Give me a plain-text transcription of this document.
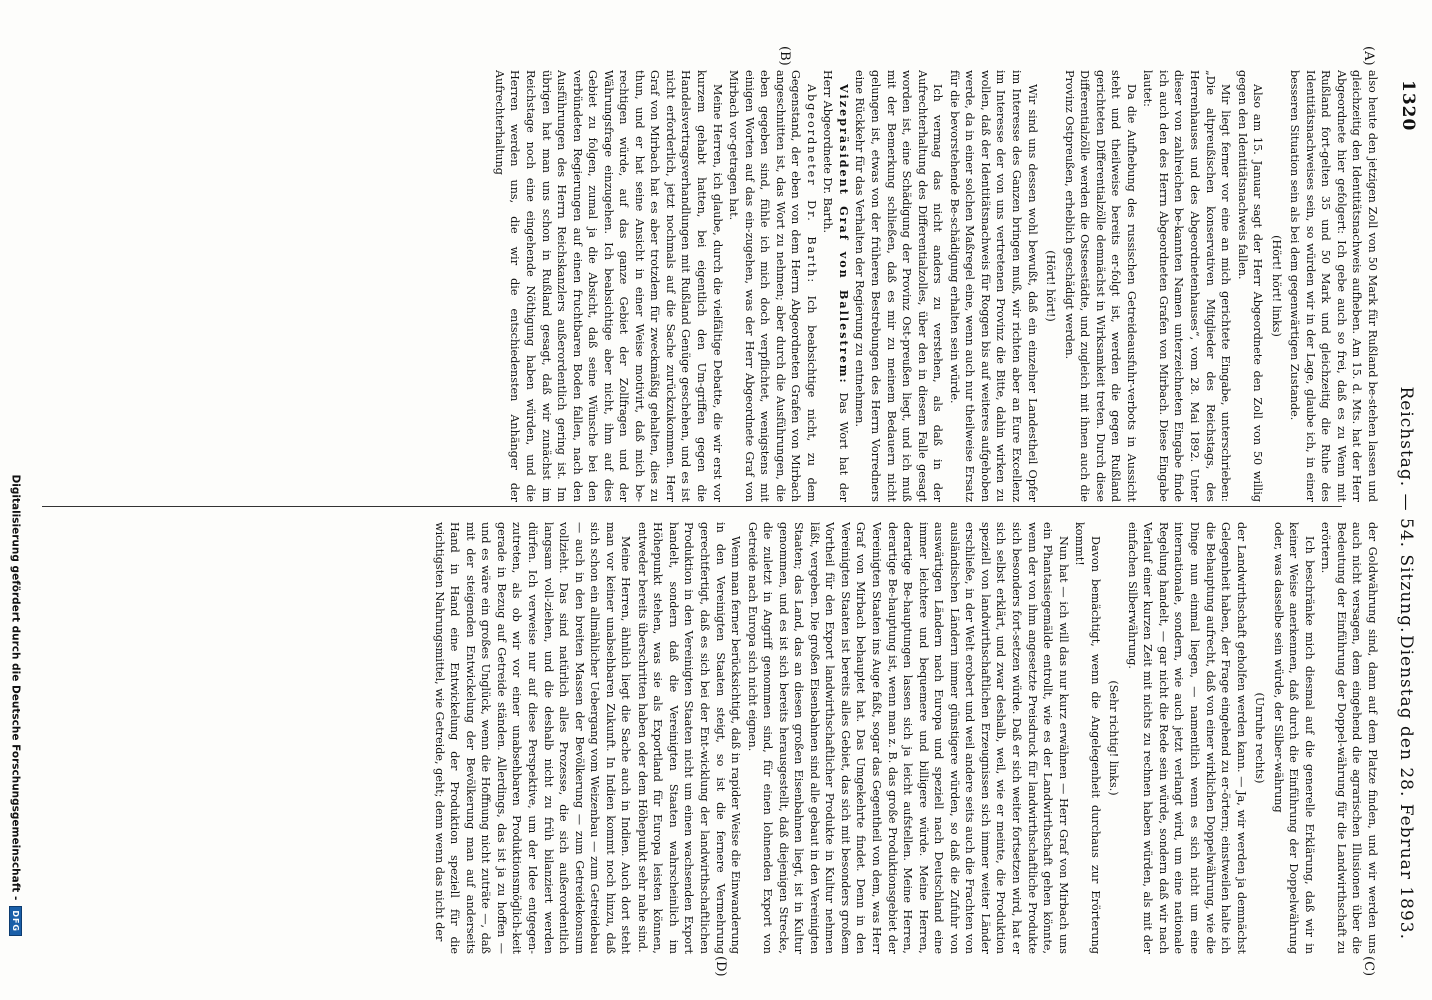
1320
Reichstag. — 54. Sitzung.
Dienstag den 28. Februar 1893.
(A)
(B)
(C)
(D)

also heute den jetzigen Zoll von 50 Mark für Rußland be-stehen lassen und gleichzeitig den Identitätsnachweis aufheben. Am 15. d. Mts. hat der Herr Abgeordnete hier gefolgert: Ich gebe auch so frei, daß es zu Wenn mit Rußland fort-gelten 35 und 50 Mark und gleichzeitig die Ruhe des Identitätsnachweises sein, so würden wir in der Lage, glaube ich, in einer besseren Situation sein als bei dem gegenwärtigen Zustande.

(Hört! hört! links)

Also am 15. Januar sagt der Herr Abgeordnete den Zoll von 50 willig gegen den Identitätsnachweis fallen.

Mir liegt ferner vor eine an mich gerichtete Eingabe, unterschrieben: „Die altpreußischen konservativen Mitglieder des Reichstags, des Herrenhauses und des Abgeordnetenhauses“, vom 28. Mai 1892. Unter dieser von zahlreichen be-kannten Namen unterzeichneten Eingabe finde ich auch den des Herrn Abgeordneten Grafen von Mirbach. Diese Eingabe lautet:

Da die Aufhebung des russischen Getreideausfuhr-verbots in Aussicht steht und theilweise bereits er-folgt ist, werden die gegen Rußland gerichteten Differentialzölle demnächst in Wirksamkeit treten. Durch diese Differentialzölle werden die Ostseestädte, und zugleich mit ihnen auch die Provinz Ostpreußen, erheblich geschädigt werden.

(Hört! hört!)

Wir sind uns dessen wohl bewußt, daß ein einzelner Landestheil Opfer im Interesse des Ganzen bringen muß, wir richten aber an Eure Excellenz im Interesse der von uns vertretenen Provinz die Bitte, dahin wirken zu wollen, daß der Identitätsnachweis für Roggen bis auf weiteres aufgehoben werde, da in einer solchen Maßregel eine, wenn auch nur theilweise Ersatz für die bevorstehende Be-schädigung erhalten sein würde.

Ich vermag das nicht anders zu verstehen, als daß in der Aufrechterhaltung des Differentialzolles, über den in diesem Falle gesagt worden ist, eine Schädigung der Provinz Ost-preußen liegt, und ich muß mit der Bemerkung schließen, daß es mir zu meinem Bedauern nicht gelungen ist, etwas von der früheren Bestrebungen des Herrn Vorredners eine Rückkehr für das Verhalten der Regierung zu entnehmen.

Vizepräsident Graf von Ballestrem: Das Wort hat der Herr Abgeordnete Dr. Barth.

Abgeordneter Dr. Barth: Ich beabsichtige nicht, zu dem Gegenstand, der eben von dem Herrn Abgeordneten Grafen von Mirbach angeschnitten ist, das Wort zu nehmen; aber durch die Ausführungen, die eben gegeben sind, fühle ich mich doch verpflichtet, wenigstens mit einigen Worten auf das ein-zugehen, was der Herr Abgeordnete Graf von Mirbach vor-getragen hat.

Meine Herren, ich glaube, durch die vielfältige Debatte, die wir erst vor kurzem gehabt hatten, bei eigentlich den Um-griffen gegen die Handelsvertragsverhandlungen mit Rußland Genüge geschehen, und es ist nicht erforderlich, jetzt nochmals auf die Sache zurückzukommen. Herr Graf von Mirbach hat es aber trotzdem für zweckmäßig gehalten, dies zu thun, und er hat seine Ansicht in einer Weise motivirt, daß mich be-rechtigen würde, auf das ganze Gebiet der Zollfragen und der Währungsfrage einzugehen. Ich beabsichtige aber nicht, ihm auf dies Gebiet zu folgen, zumal ja die Absicht, daß seine Wünsche bei den verbündeten Regierungen auf einen fruchtbaren Boden fallen, nach den Ausführungen des Herrn Reichskanzlers außerordentlich gering ist. Im übrigen hat man uns schon in Rußland gesagt, daß wir zunächst im Reichstage noch eine eingehende Nöthigung haben würden, und die Herren werden uns, die wir die entschiedensten Anhänger der Aufrechterhaltung

der Goldwährung sind, dann auf dem Platze finden, und wir werden uns auch nicht versagen, dem eingehend die agrarischen Illusionen über die Bedeutung der Einführung der Doppel-währung für die Landwirthschaft zu erörtern.

Ich beschränke mich diesmal auf die generelle Erklärung, daß wir in keiner Weise anerkennen, daß durch die Einführung der Doppelwährung oder, was dasselbe sein würde, der Silber-währung

(Unruhe rechts)

der Landwirthschaft geholfen werden kann. — Ja, wir werden ja demnächst Gelegenheit haben, der Frage eingehend zu er-örtern; einstweilen halte ich die Behauptung aufrecht, daß von einer wirklichen Doppelwährung, wie die Dinge nun einmal liegen, — namentlich wenn es sich nicht um eine internationale, sondern, wie auch jetzt verlangt wird, um eine nationale Regelung handelt, — gar nicht die Rede sein würde, sondern daß wir nach Verlauf einer kurzen Zeit mit nichts zu rechnen haben würden, als mit der einfachen Silberwährung.

(Sehr richtig! links.)

Davon bemächtigt, wenn die Angelegenheit durchaus zur Erörterung kommt!

Nun hat — ich will das nur kurz erwähnen — Herr Graf von Mirbach uns ein Phantasiegemälde entrollt, wie es der Landwirthschaft gehen könnte, wenn der von ihm angesetzte Preisdruck für landwirthschaftliche Produkte sich besonders fort-setzen würde. Daß er sich weiter fortsetzen wird, hat er sich selbst erklärt, und zwar deshalb, weil, wie er meinte, die Produktion speziell von landwirthschaftlichen Erzeugnissen sich immer weiter Länder erschließe, in der Welt erobert und weil andere seits auch die Frachten von ausländischen Ländern immer günstigere würden, so daß die Zufuhr von auswärtigen Ländern nach Europa und speziell nach Deutschland eine immer leichtere und bequemere und billigere würde. Meine Herren, derartige Be-hauptungen lassen sich ja leicht aufstellen. Meine Herren, derartige Be-hauptung ist, wenn man z. B. das große Produktionsgebiet der Vereinigten Staaten ins Auge faßt, sogar das Gegentheil von dem, was Herr Graf von Mirbach behauptet hat. Das Umgekehrte findet. Denn in den Vereinigten Staaten ist bereits alles Gebiet, das sich mit besonders großem Vortheil für den Export landwirthschaftlicher Produkte in Kultur nehmen läßt, vergeben. Die großen Eisenbahnen sind alle gebaut in den Vereinigten Staaten; das Land, das an diesen großen Eisenbahnen liegt, ist in Kultur genommen, und es ist sich bereits herausgestellt, daß diejenigen Strecke, die zuletzt in Angriff genommen sind, für einen lohnenden Export von Getreide nach Europa sich nicht eignen.

Wenn man ferner berücksichtigt, daß in rapider Weise die Einwanderung in den Vereinigten Staaten steigt, so ist die fernere Vermehrung gerechtfertigt, daß es sich bei der Ent-wicklung der landwirthschaftlichen Produktion in den Vereinigten Staaten nicht um einen wachsenden Export handelt, sondern daß die Vereinigten Staaten wahrscheinlich im Höhepunkt stehen, was sie als Exportland für Europa leisten können, entweder bereits überschritten haben oder dem Höhepunkt sehr nahe sind.

Meine Herren, ähnlich liegt die Sache auch in Indien. Auch dort steht man vor keiner unabsehbaren Zukunft. In Indien kommt noch hinzu, daß sich schon ein allmählicher Uebergang vom Weizenbau — zum Getreidebau — auch in den breiten Massen der Bevölkerung — zum Getreidekonsum vollzieht. Das sind natürlich alles Prozesse, die sich außerordentlich langsam voll-ziehen, und die deshalb nicht zu früh bilanziert werden dürfen. Ich verweise nur auf diese Perspektive, um der Idee entgegen-zutreten, als ob wir vor einer unabsehbaren Produktionsmöglich-keit gerade in Bezug auf Getreide ständen. Allerdings, das ist ja zu hoffen — und es wäre ein großes Unglück, wenn die Hoffnung nicht zuträte —, daß mit der steigenden Entwickelung der Bevölkerung man auf anderseits Hand in Hand eine Entwickelung der Produktion speziell für die wichtigsten Nahrungsmittel, wie Getreide, geht; denn wenn das nicht der

Digitalisierung gefördert durch die Deutsche Forschungsgemeinschaft -DFG
